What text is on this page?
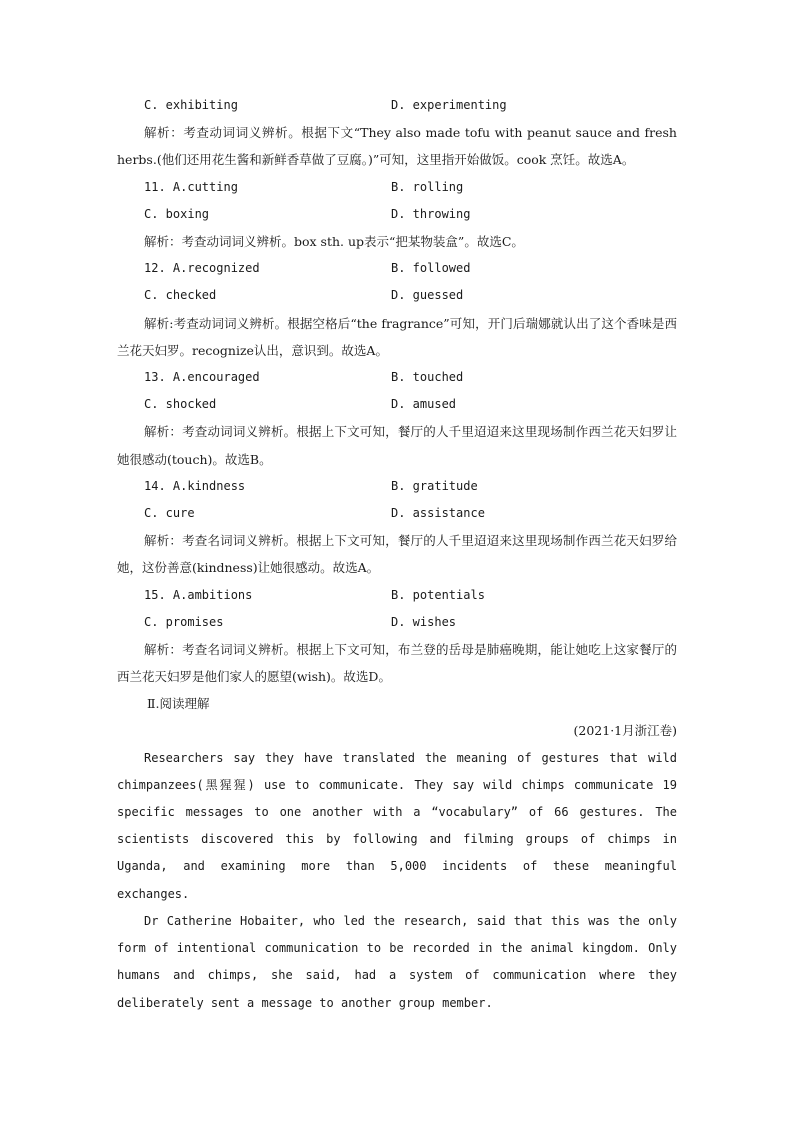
C. exhibiting	D. experimenting
解析：考查动词词义辨析。根据下文“They also made tofu with peanut sauce and fresh herbs.(他们还用花生酱和新鲜香草做了豆腐。)”可知，这里指开始做饭。cook 烹饪。故选A。
11. A.cutting	B. rolling
C. boxing	D. throwing
解析：考查动词词义辨析。box sth. up表示“把某物装盒”。故选C。
12. A.recognized	B. followed
C. checked	D. guessed
解析:考查动词词义辨析。根据空格后“the fragrance”可知，开门后瑞娜就认出了这个香味是西兰花天妇罗。recognize认出，意识到。故选A。
13. A.encouraged	B. touched
C. shocked	D. amused
解析：考查动词词义辨析。根据上下文可知，餐厅的人千里迢迢来这里现场制作西兰花天妇罗让她很感动(touch)。故选B。
14. A.kindness	B. gratitude
C. cure	D. assistance
解析：考查名词词义辨析。根据上下文可知，餐厅的人千里迢迢来这里现场制作西兰花天妇罗给她，这份善意(kindness)让她很感动。故选A。
15. A.ambitions	B. potentials
C. promises	D. wishes
解析：考查名词词义辨析。根据上下文可知，布兰登的岳母是肺癌晚期，能让她吃上这家餐厅的西兰花天妇罗是他们家人的愿望(wish)。故选D。
Ⅱ.阅读理解
(2021·1月浙江卷)
Researchers say they have translated the meaning of gestures that wild chimpanzees(黑猩猩) use to communicate. They say wild chimps communicate 19 specific messages to one another with a “vocabulary” of 66 gestures. The scientists discovered this by following and filming groups of chimps in Uganda, and examining more than 5,000 incidents of these meaningful exchanges.
Dr Catherine Hobaiter, who led the research, said that this was the only form of intentional communication to be recorded in the animal kingdom. Only humans and chimps, she said, had a system of communication where they deliberately sent a message to another group member.
